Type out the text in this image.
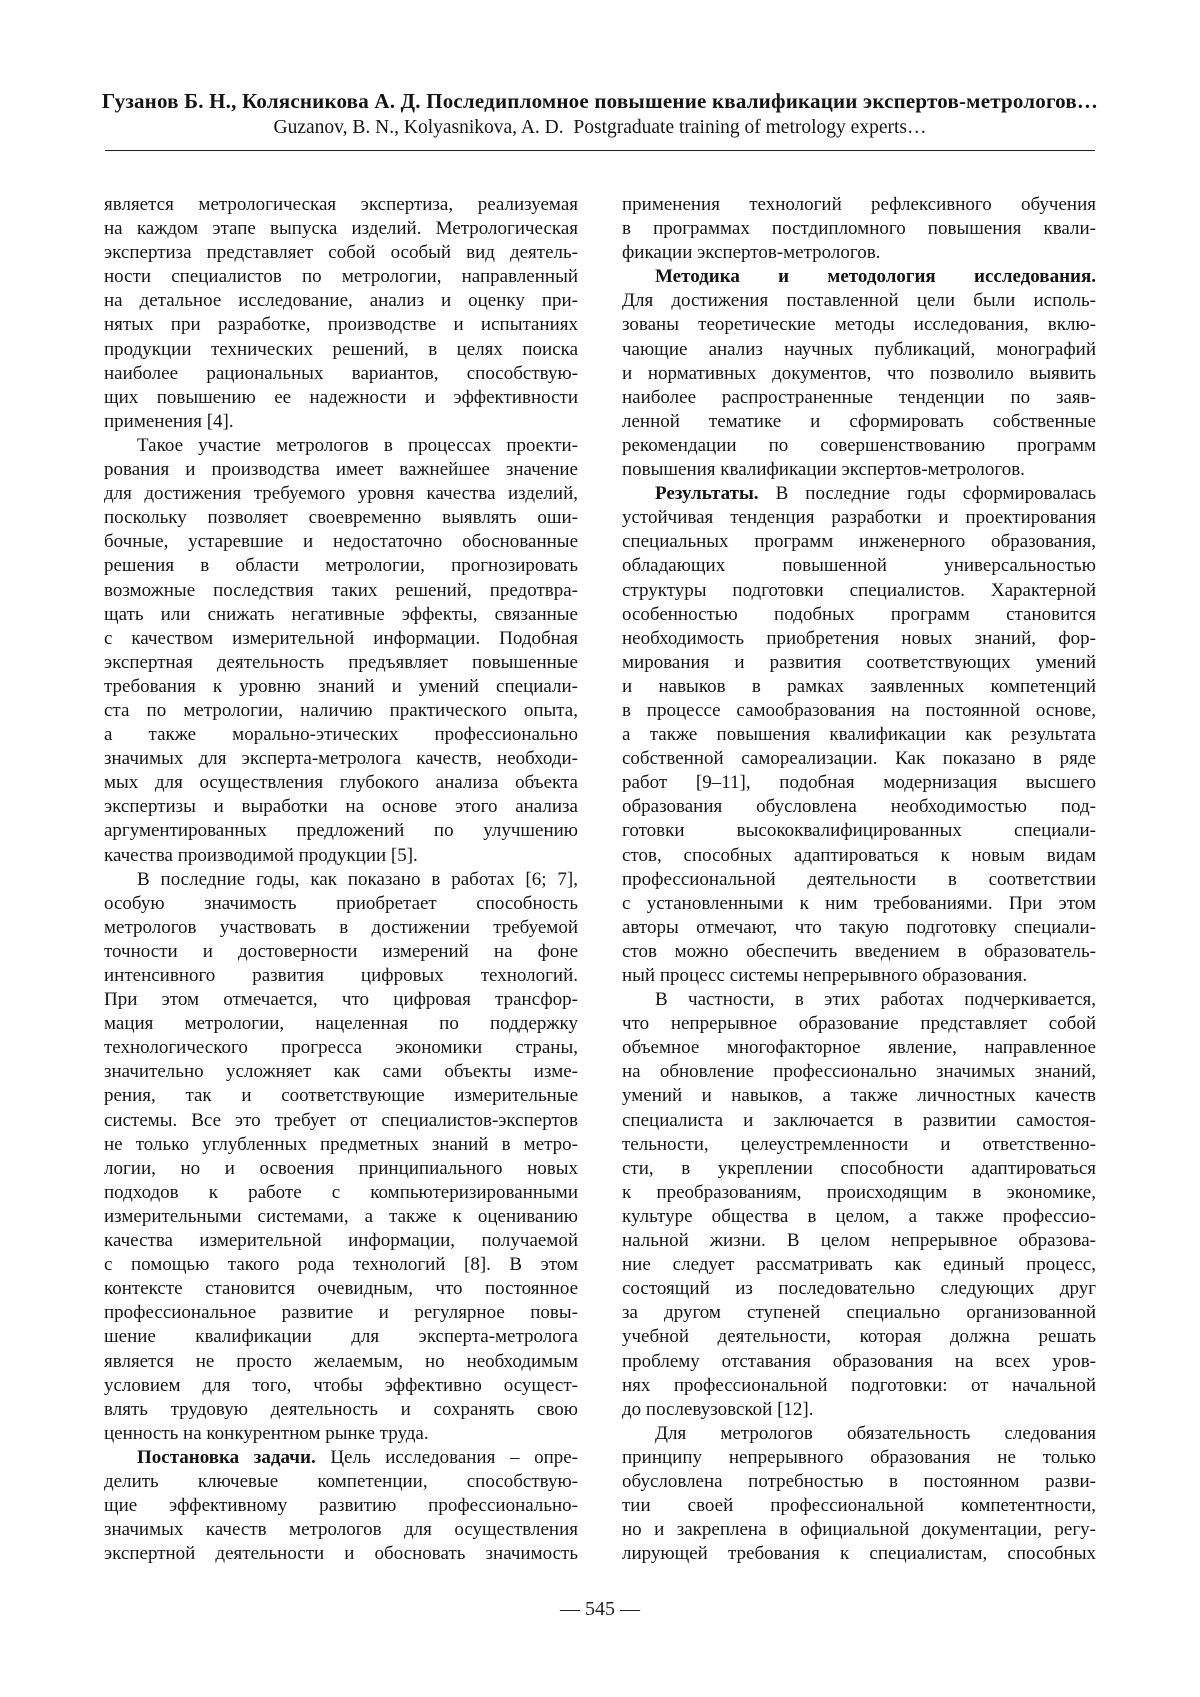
Гузанов Б. Н., Колясникова А. Д. Последипломное повышение квалификации экспертов-метрологов…
Guzanov, B. N., Kolyasnikova, A. D.  Postgraduate training of metrology experts…
является метрологическая экспертиза, реализуемая
на каждом этапе выпуска изделий. Метрологическая
экспертиза представляет собой особый вид деятель-
ности специалистов по метрологии, направленный
на детальное исследование, анализ и оценку при-
нятых при разработке, производстве и испытаниях
продукции технических решений, в целях поиска
наиболее рациональных вариантов, способствую-
щих повышению ее надежности и эффективности
применения [4].
Такое участие метрологов в процессах проекти-
рования и производства имеет важнейшее значение
для достижения требуемого уровня качества изделий,
поскольку позволяет своевременно выявлять оши-
бочные, устаревшие и недостаточно обоснованные
решения в области метрологии, прогнозировать
возможные последствия таких решений, предотвра-
щать или снижать негативные эффекты, связанные
с качеством измерительной информации. Подобная
экспертная деятельность предъявляет повышенные
требования к уровню знаний и умений специали-
ста по метрологии, наличию практического опыта,
а также морально-этических профессионально
значимых для эксперта-метролога качеств, необходи-
мых для осуществления глубокого анализа объекта
экспертизы и выработки на основе этого анализа
аргументированных предложений по улучшению
качества производимой продукции [5].
В последние годы, как показано в работах [6; 7],
особую значимость приобретает способность
метрологов участвовать в достижении требуемой
точности и достоверности измерений на фоне
интенсивного развития цифровых технологий.
При этом отмечается, что цифровая трансфор-
мация метрологии, нацеленная по поддержку
технологического прогресса экономики страны,
значительно усложняет как сами объекты изме-
рения, так и соответствующие измерительные
системы. Все это требует от специалистов-экспертов
не только углубленных предметных знаний в метро-
логии, но и освоения принципиального новых
подходов к работе с компьютеризированными
измерительными системами, а также к оцениванию
качества измерительной информации, получаемой
с помощью такого рода технологий [8]. В этом
контексте становится очевидным, что постоянное
профессиональное развитие и регулярное повы-
шение квалификации для эксперта-метролога
является не просто желаемым, но необходимым
условием для того, чтобы эффективно осущест-
влять трудовую деятельность и сохранять свою
ценность на конкурентном рынке труда.
Постановка задачи. Цель исследования – опре-
делить ключевые компетенции, способствую-
щие эффективному развитию профессионально-
значимых качеств метрологов для осуществления
экспертной деятельности и обосновать значимость
применения технологий рефлексивного обучения
в программах постдипломного повышения квали-
фикации экспертов-метрологов.
Методика и методология исследования.
Для достижения поставленной цели были исполь-
зованы теоретические методы исследования, вклю-
чающие анализ научных публикаций, монографий
и нормативных документов, что позволило выявить
наиболее распространенные тенденции по заяв-
ленной тематике и сформировать собственные
рекомендации по совершенствованию программ
повышения квалификации экспертов-метрологов.
Результаты. В последние годы сформировалась
устойчивая тенденция разработки и проектирования
специальных программ инженерного образования,
обладающих повышенной универсальностью
структуры подготовки специалистов. Характерной
особенностью подобных программ становится
необходимость приобретения новых знаний, фор-
мирования и развития соответствующих умений
и навыков в рамках заявленных компетенций
в процессе самообразования на постоянной основе,
а также повышения квалификации как результата
собственной самореализации. Как показано в ряде
работ [9–11], подобная модернизация высшего
образования обусловлена необходимостью под-
готовки высококвалифицированных специали-
стов, способных адаптироваться к новым видам
профессиональной деятельности в соответствии
с установленными к ним требованиями. При этом
авторы отмечают, что такую подготовку специали-
стов можно обеспечить введением в образователь-
ный процесс системы непрерывного образования.
В частности, в этих работах подчеркивается,
что непрерывное образование представляет собой
объемное многофакторное явление, направленное
на обновление профессионально значимых знаний,
умений и навыков, а также личностных качеств
специалиста и заключается в развитии самостоя-
тельности, целеустремленности и ответственно-
сти, в укреплении способности адаптироваться
к преобразованиям, происходящим в экономике,
культуре общества в целом, а также профессио-
нальной жизни. В целом непрерывное образова-
ние следует рассматривать как единый процесс,
состоящий из последовательно следующих друг
за другом ступеней специально организованной
учебной деятельности, которая должна решать
проблему отставания образования на всех уров-
нях профессиональной подготовки: от начальной
до послевузовской [12].
Для метрологов обязательность следования
принципу непрерывного образования не только
обусловлена потребностью в постоянном разви-
тии своей профессиональной компетентности,
но и закреплена в официальной документации, регу-
лирующей требования к специалистам, способных
— 545 —
